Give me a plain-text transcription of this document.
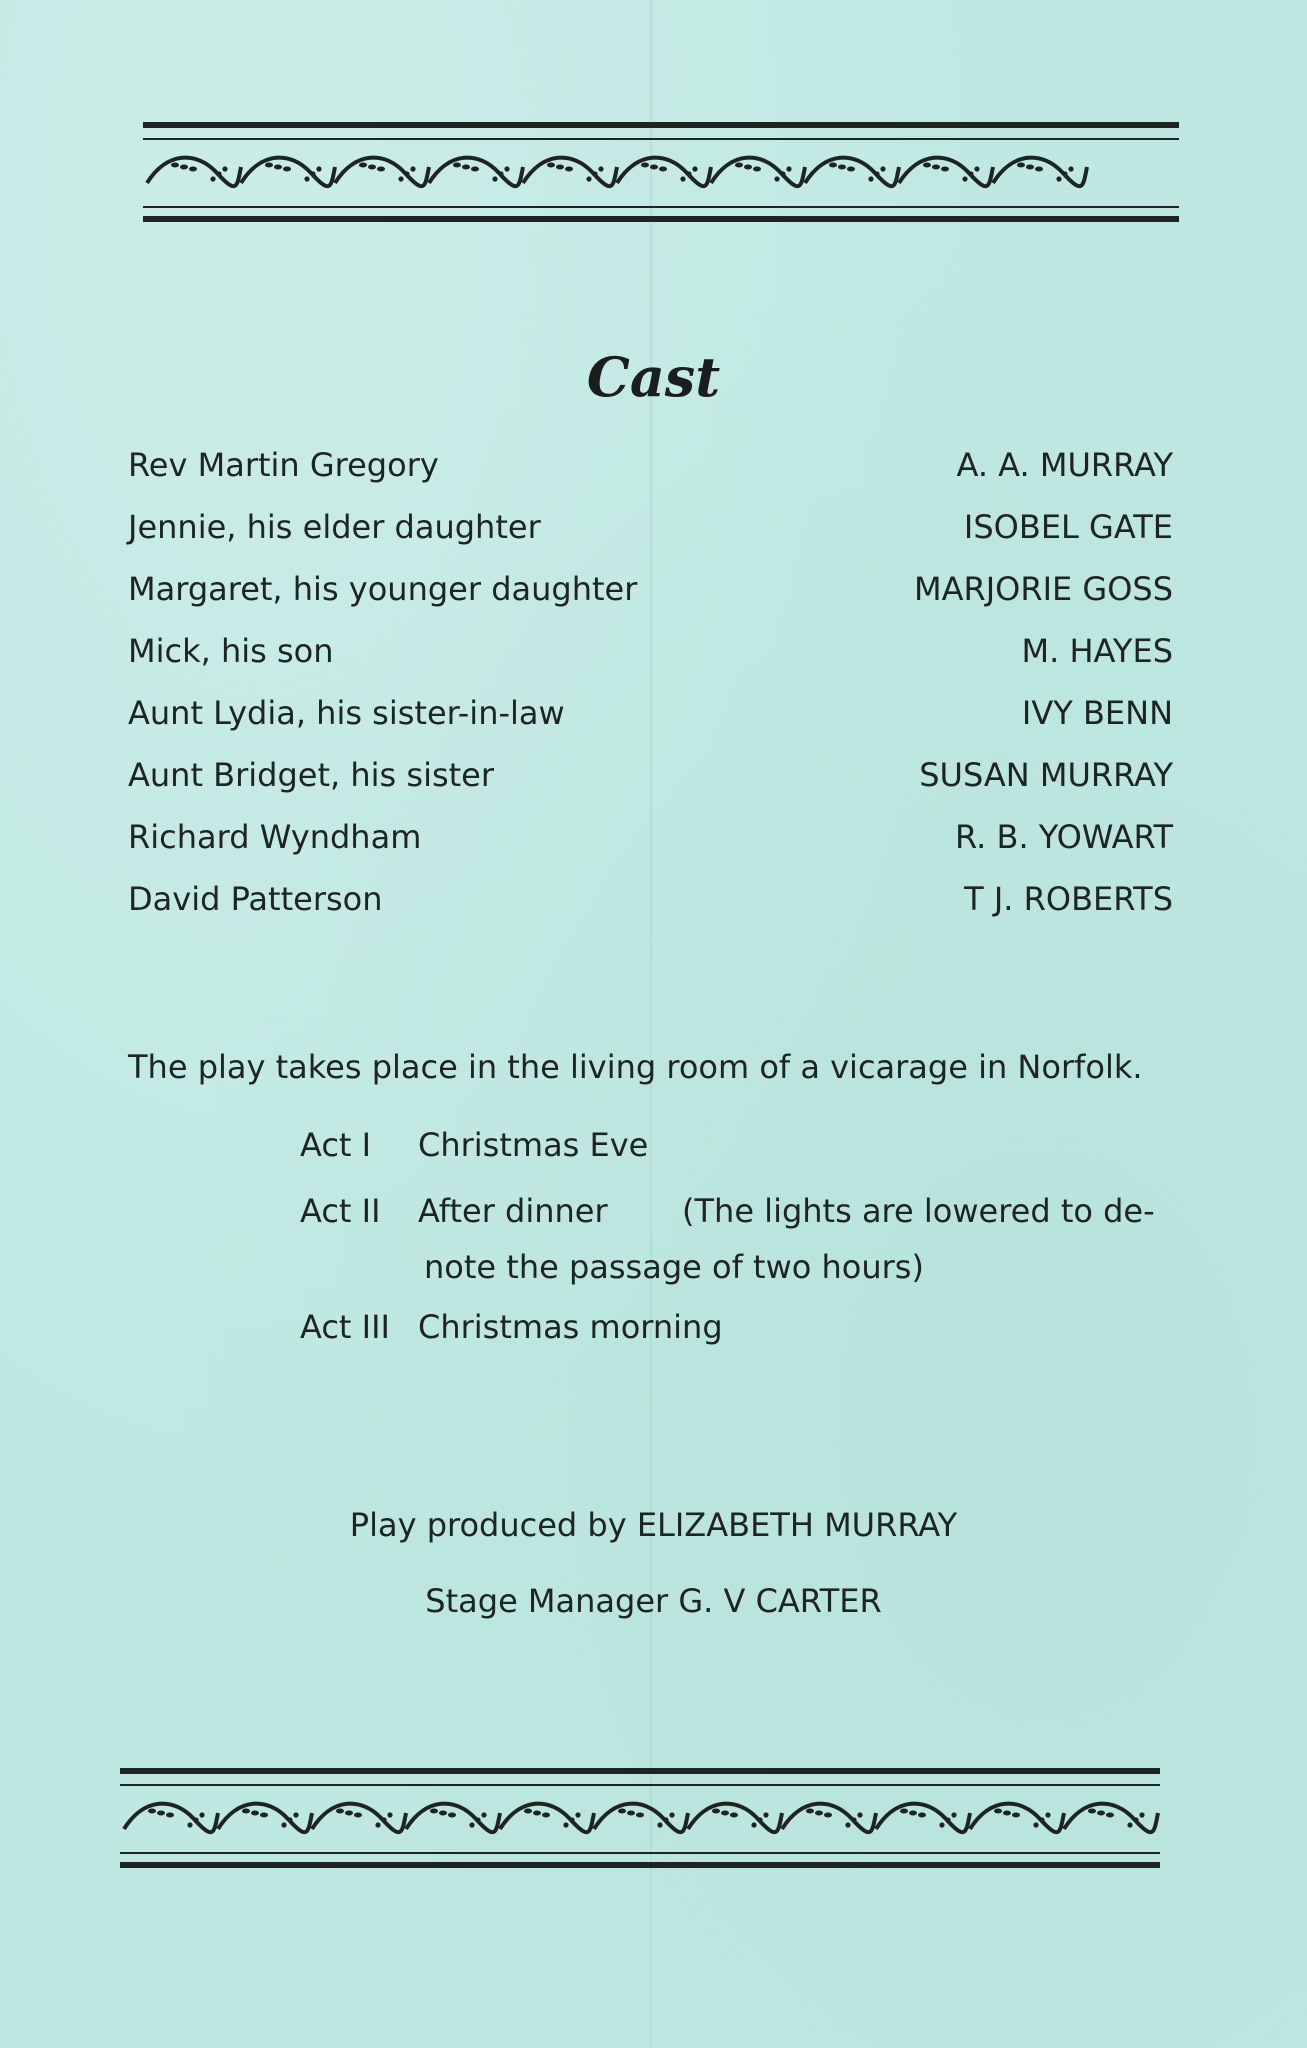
Cast
Rev Martin Gregory	A. A. MURRAY
Jennie, his elder daughter	ISOBEL GATE
Margaret, his younger daughter	MARJORIE GOSS
Mick, his son	M. HAYES
Aunt Lydia, his sister-in-law	IVY BENN
Aunt Bridget, his sister	SUSAN MURRAY
Richard Wyndham	R. B. YOWART
David Patterson	T J. ROBERTS
The play takes place in the living room of a vicarage in Norfolk.
Act I Christmas Eve
Act II After dinner (The lights are lowered to de-
note the passage of two hours)
Act III Christmas morning
Play produced by ELIZABETH MURRAY
Stage Manager G. V CARTER
